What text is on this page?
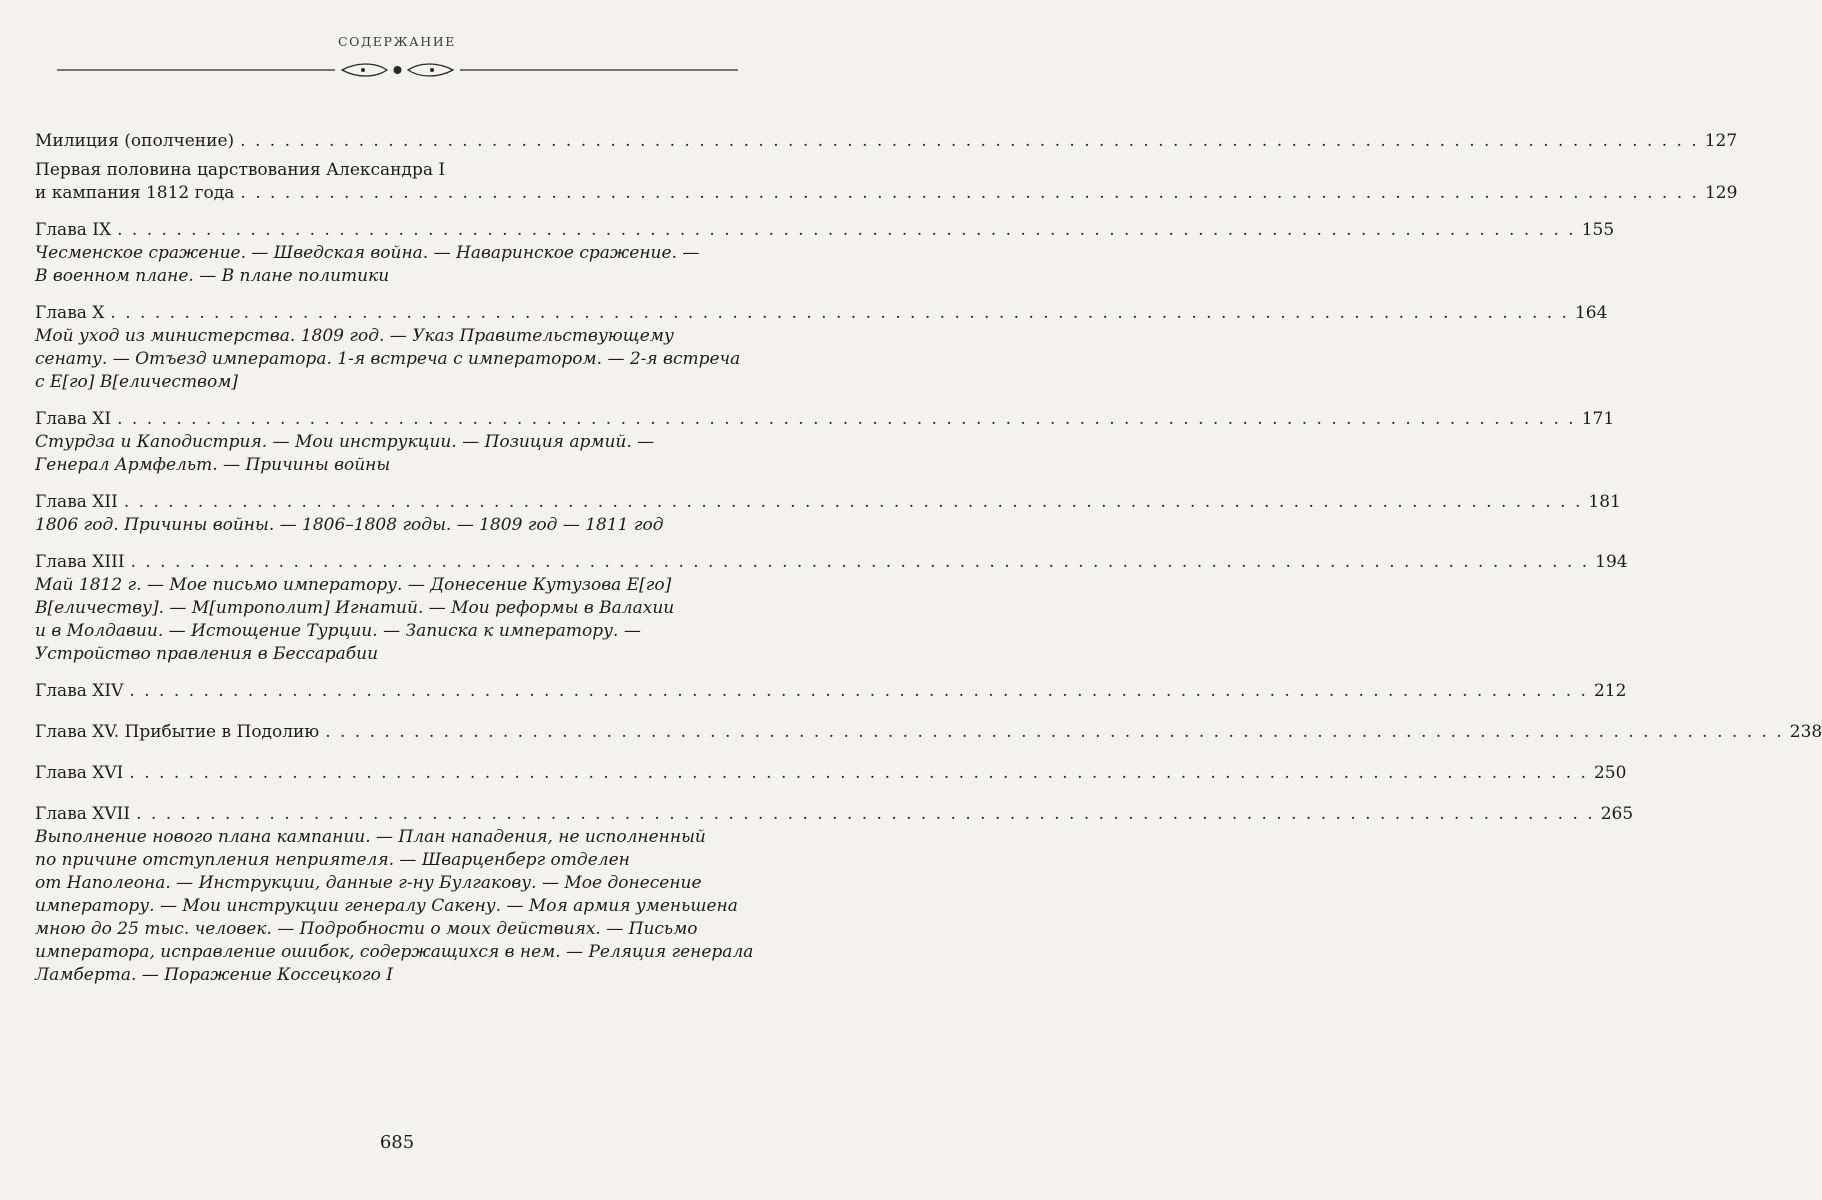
СОДЕРЖАНИЕ
Милиция (ополчение) . . . . . . . . . . . . . . . . . . . . . . . . . . . . . . . . . . . . . . . . . . . . . . . . . . . . . . . . . . . . . . . . . . . . . . . . . . . . . . . . . . . . . . . . . . . . . . . . . . . 127
Первая половина царствования Александра I
и кампания 1812 года . . . . . . . . . . . . . . . . . . . . . . . . . . . . . . . . . . . . . . . . . . . . . . . . . . . . . . . . . . . . . . . . . . . . . . . . . . . . . . . . . . . . . . . . . . . . . . . . . . . 129
Глава IX . . . . . . . . . . . . . . . . . . . . . . . . . . . . . . . . . . . . . . . . . . . . . . . . . . . . . . . . . . . . . . . . . . . . . . . . . . . . . . . . . . . . . . . . . . . . . . . . . . . 155
Чесменское сражение. — Шведская война. — Наваринское сражение. —
В военном плане. — В плане политики
Глава X . . . . . . . . . . . . . . . . . . . . . . . . . . . . . . . . . . . . . . . . . . . . . . . . . . . . . . . . . . . . . . . . . . . . . . . . . . . . . . . . . . . . . . . . . . . . . . . . . . . 164
Мой уход из министерства. 1809 год. — Указ Правительствующему
сенату. — Отъезд императора. 1-я встреча с императором. — 2-я встреча
с Е[го] В[еличеством]
Глава XI . . . . . . . . . . . . . . . . . . . . . . . . . . . . . . . . . . . . . . . . . . . . . . . . . . . . . . . . . . . . . . . . . . . . . . . . . . . . . . . . . . . . . . . . . . . . . . . . . . . 171
Стурдза и Каподистрия. — Мои инструкции. — Позиция армий. —
Генерал Армфельт. — Причины войны
Глава XII . . . . . . . . . . . . . . . . . . . . . . . . . . . . . . . . . . . . . . . . . . . . . . . . . . . . . . . . . . . . . . . . . . . . . . . . . . . . . . . . . . . . . . . . . . . . . . . . . . . 181
1806 год. Причины войны. — 1806–1808 годы. — 1809 год — 1811 год
Глава XIII . . . . . . . . . . . . . . . . . . . . . . . . . . . . . . . . . . . . . . . . . . . . . . . . . . . . . . . . . . . . . . . . . . . . . . . . . . . . . . . . . . . . . . . . . . . . . . . . . . . 194
Май 1812 г. — Мое письмо императору. — Донесение Кутузова Е[го]
В[еличеству]. — М[итрополит] Игнатий. — Мои реформы в Валахии
и в Молдавии. — Истощение Турции. — Записка к императору. —
Устройство правления в Бессарабии
Глава XIV . . . . . . . . . . . . . . . . . . . . . . . . . . . . . . . . . . . . . . . . . . . . . . . . . . . . . . . . . . . . . . . . . . . . . . . . . . . . . . . . . . . . . . . . . . . . . . . . . . . 212
Глава XV. Прибытие в Подолию . . . . . . . . . . . . . . . . . . . . . . . . . . . . . . . . . . . . . . . . . . . . . . . . . . . . . . . . . . . . . . . . . . . . . . . . . . . . . . . . . . . . . . . . . . . . . . . . . . . 238
Глава XVI . . . . . . . . . . . . . . . . . . . . . . . . . . . . . . . . . . . . . . . . . . . . . . . . . . . . . . . . . . . . . . . . . . . . . . . . . . . . . . . . . . . . . . . . . . . . . . . . . . . 250
Глава XVII . . . . . . . . . . . . . . . . . . . . . . . . . . . . . . . . . . . . . . . . . . . . . . . . . . . . . . . . . . . . . . . . . . . . . . . . . . . . . . . . . . . . . . . . . . . . . . . . . . . 265
Выполнение нового плана кампании. — План нападения, не исполненный
по причине отступления неприятеля. — Шварценберг отделен
от Наполеона. — Инструкции, данные г-ну Булгакову. — Мое донесение
императору. — Мои инструкции генералу Сакену. — Моя армия уменьшена
мною до 25 тыс. человек. — Подробности о моих действиях. — Письмо
императора, исправление ошибок, содержащихся в нем. — Реляция генерала
Ламберта. — Поражение Коссецкого I
685
